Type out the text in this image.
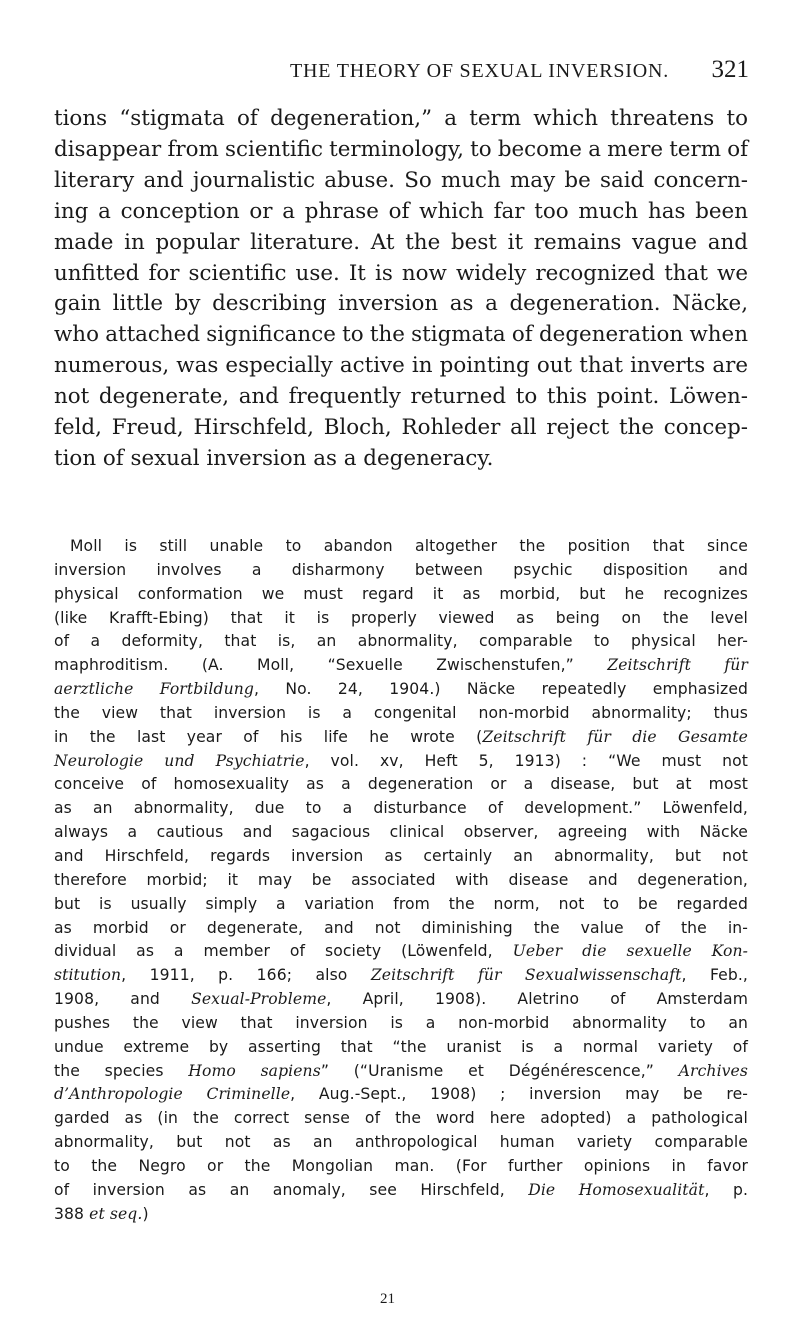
THE THEORY OF SEXUAL INVERSION.	321
tions “stigmata of degeneration,” a term which threatens to
disappear from scientific terminology, to become a mere term of
literary and journalistic abuse. So much may be said concern-
ing a conception or a phrase of which far too much has been
made in popular literature. At the best it remains vague and
unfitted for scientific use. It is now widely recognized that we
gain little by describing inversion as a degeneration. Näcke,
who attached significance to the stigmata of degeneration when
numerous, was especially active in pointing out that inverts are
not degenerate, and frequently returned to this point. Löwen-
feld, Freud, Hirschfeld, Bloch, Rohleder all reject the concep-
tion of sexual inversion as a degeneracy.
Moll is still unable to abandon altogether the position that since
inversion involves a disharmony between psychic disposition and
physical conformation we must regard it as morbid, but he recognizes
(like Krafft-Ebing) that it is properly viewed as being on the level
of a deformity, that is, an abnormality, comparable to physical her-
maphroditism. (A. Moll, “Sexuelle Zwischenstufen,” Zeitschrift für
aerztliche Fortbildung, No. 24, 1904.) Näcke repeatedly emphasized
the view that inversion is a congenital non-morbid abnormality; thus
in the last year of his life he wrote (Zeitschrift für die Gesamte
Neurologie und Psychiatrie, vol. xv, Heft 5, 1913) : “We must not
conceive of homosexuality as a degeneration or a disease, but at most
as an abnormality, due to a disturbance of development.” Löwenfeld,
always a cautious and sagacious clinical observer, agreeing with Näcke
and Hirschfeld, regards inversion as certainly an abnormality, but not
therefore morbid; it may be associated with disease and degeneration,
but is usually simply a variation from the norm, not to be regarded
as morbid or degenerate, and not diminishing the value of the in-
dividual as a member of society (Löwenfeld, Ueber die sexuelle Kon-
stitution, 1911, p. 166; also Zeitschrift für Sexualwissenschaft, Feb.,
1908, and Sexual-Probleme, April, 1908). Aletrino of Amsterdam
pushes the view that inversion is a non-morbid abnormality to an
undue extreme by asserting that “the uranist is a normal variety of
the species Homo sapiens” (“Uranisme et Dégénérescence,” Archives
d’Anthropologie Criminelle, Aug.-Sept., 1908) ; inversion may be re-
garded as (in the correct sense of the word here adopted) a pathological
abnormality, but not as an anthropological human variety comparable
to the Negro or the Mongolian man. (For further opinions in favor
of inversion as an anomaly, see Hirschfeld, Die Homosexualität, p.
388 et seq.)
21
